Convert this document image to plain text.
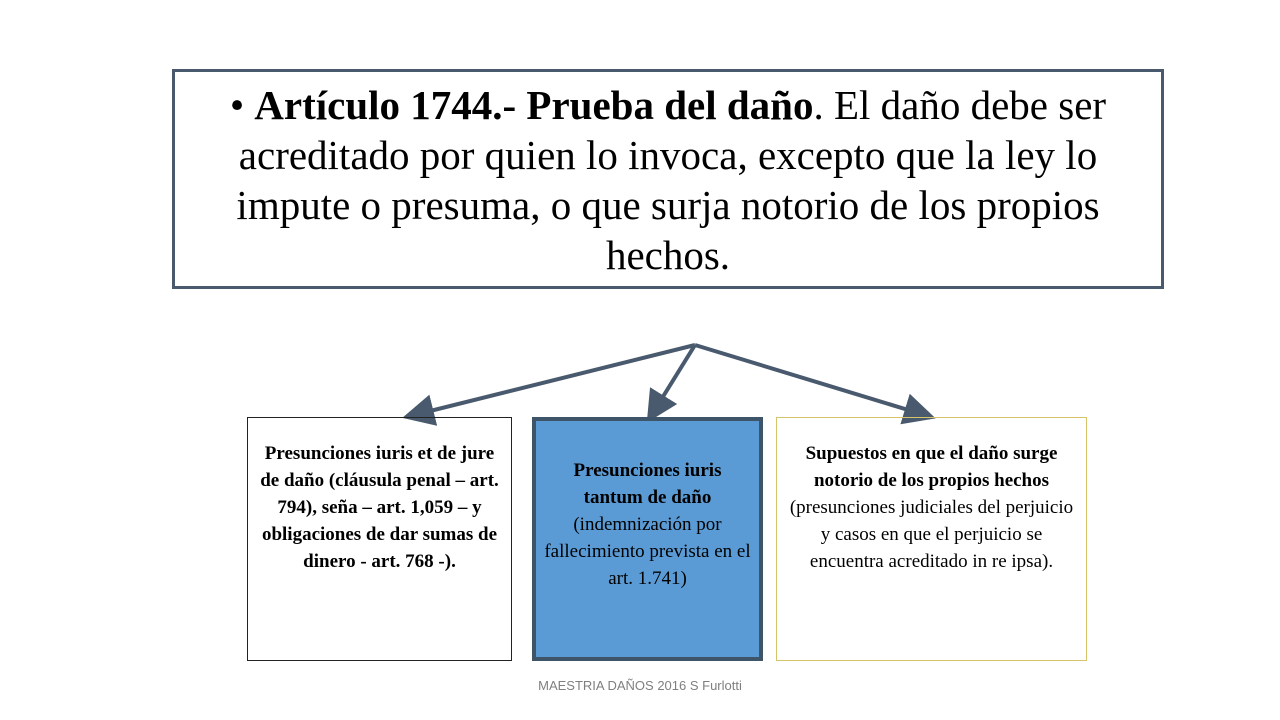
• Artículo 1744.- Prueba del daño. El daño debe ser acreditado por quien lo invoca, excepto que la ley lo impute o presuma, o que surja notorio de los propios hechos.

Presunciones iuris et de jure de daño (cláusula penal – art. 794), seña – art. 1,059 – y obligaciones de dar sumas de dinero - art. 768 -).
Presunciones iuris tantum de daño (indemnización por fallecimiento prevista en el art. 1.741)
Supuestos en que el daño surge notorio de los propios hechos (presunciones judiciales del perjuicio y casos en que el perjuicio se encuentra acreditado in re ipsa).
MAESTRIA DAÑOS 2016 S Furlotti
